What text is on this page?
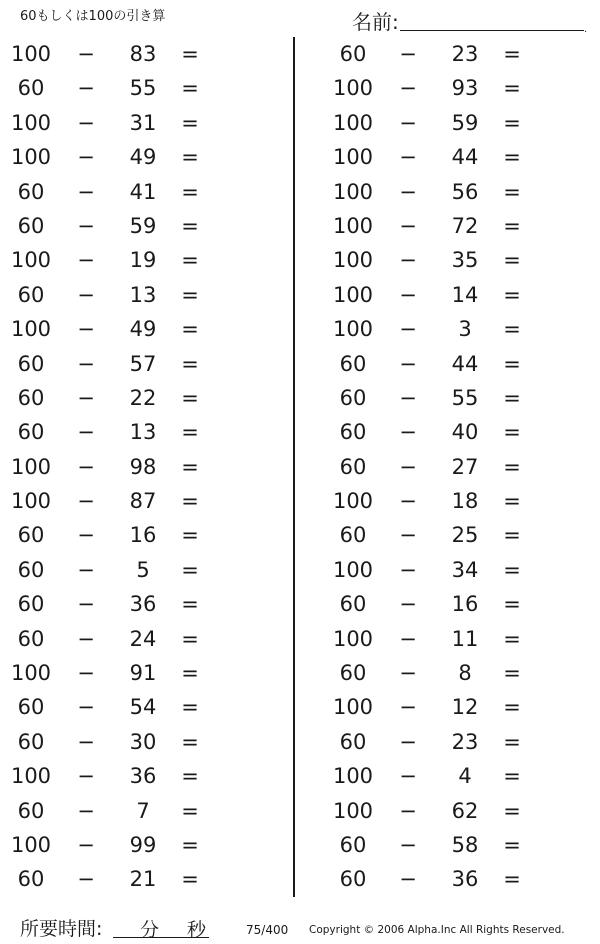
60もしくは100の引き算	名前:	.
100	−	83	=
60	−	55	=
100	−	31	=
100	−	49	=
60	−	41	=
60	−	59	=
100	−	19	=
60	−	13	=
100	−	49	=
60	−	57	=
60	−	22	=
60	−	13	=
100	−	98	=
100	−	87	=
60	−	16	=
60	−	5	=
60	−	36	=
60	−	24	=
100	−	91	=
60	−	54	=
60	−	30	=
100	−	36	=
60	−	7	=
100	−	99	=
60	−	21	=
60	−	23	=
100	−	93	=
100	−	59	=
100	−	44	=
100	−	56	=
100	−	72	=
100	−	35	=
100	−	14	=
100	−	3	=
60	−	44	=
60	−	55	=
60	−	40	=
60	−	27	=
100	−	18	=
60	−	25	=
100	−	34	=
60	−	16	=
100	−	11	=
60	−	8	=
100	−	12	=
60	−	23	=
100	−	4	=
100	−	62	=
60	−	58	=
60	−	36	=
所要時間: 分 秒	75/400 Copyright © 2006 Alpha.Inc All Rights Reserved.
